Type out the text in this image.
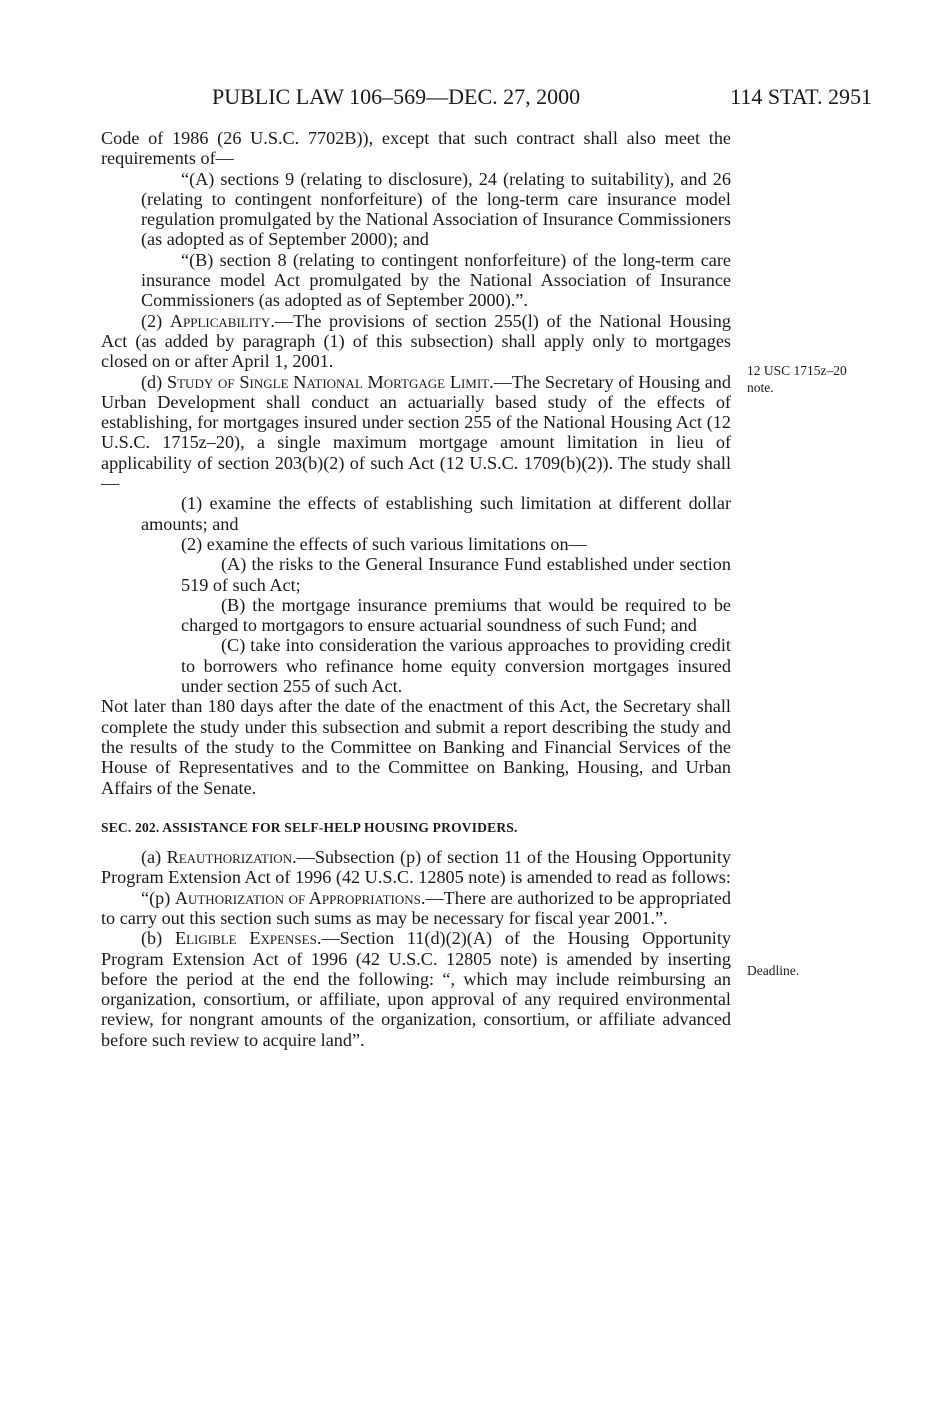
PUBLIC LAW 106–569—DEC. 27, 2000	114 STAT. 2951
12 USC 1715z–20
note.
Deadline.

Code of 1986 (26 U.S.C. 7702B)), except that such contract shall also meet the requirements of—

“(A) sections 9 (relating to disclosure), 24 (relating to suitability), and 26 (relating to contingent nonforfeiture) of the long-term care insurance model regulation promulgated by the National Association of Insurance Commissioners (as adopted as of September 2000); and

“(B) section 8 (relating to contingent nonforfeiture) of the long-term care insurance model Act promulgated by the National Association of Insurance Commissioners (as adopted as of September 2000).”.

(2) Applicability.—The provisions of section 255(l) of the National Housing Act (as added by paragraph (1) of this subsection) shall apply only to mortgages closed on or after April 1, 2001.

(d) Study of Single National Mortgage Limit.—The Secretary of Housing and Urban Development shall conduct an actuarially based study of the effects of establishing, for mortgages insured under section 255 of the National Housing Act (12 U.S.C. 1715z–20), a single maximum mortgage amount limitation in lieu of applicability of section 203(b)(2) of such Act (12 U.S.C. 1709(b)(2)). The study shall—

(1) examine the effects of establishing such limitation at different dollar amounts; and

(2) examine the effects of such various limitations on—

(A) the risks to the General Insurance Fund established under section 519 of such Act;

(B) the mortgage insurance premiums that would be required to be charged to mortgagors to ensure actuarial soundness of such Fund; and

(C) take into consideration the various approaches to providing credit to borrowers who refinance home equity conversion mortgages insured under section 255 of such Act.

Not later than 180 days after the date of the enactment of this Act, the Secretary shall complete the study under this subsection and submit a report describing the study and the results of the study to the Committee on Banking and Financial Services of the House of Representatives and to the Committee on Banking, Housing, and Urban Affairs of the Senate.

SEC. 202. ASSISTANCE FOR SELF-HELP HOUSING PROVIDERS.

(a) Reauthorization.—Subsection (p) of section 11 of the Housing Opportunity Program Extension Act of 1996 (42 U.S.C. 12805 note) is amended to read as follows:

“(p) Authorization of Appropriations.—There are authorized to be appropriated to carry out this section such sums as may be necessary for fiscal year 2001.”.

(b) Eligible Expenses.—Section 11(d)(2)(A) of the Housing Opportunity Program Extension Act of 1996 (42 U.S.C. 12805 note) is amended by inserting before the period at the end the following: “, which may include reimbursing an organization, consortium, or affiliate, upon approval of any required environmental review, for nongrant amounts of the organization, consortium, or affiliate advanced before such review to acquire land”.
